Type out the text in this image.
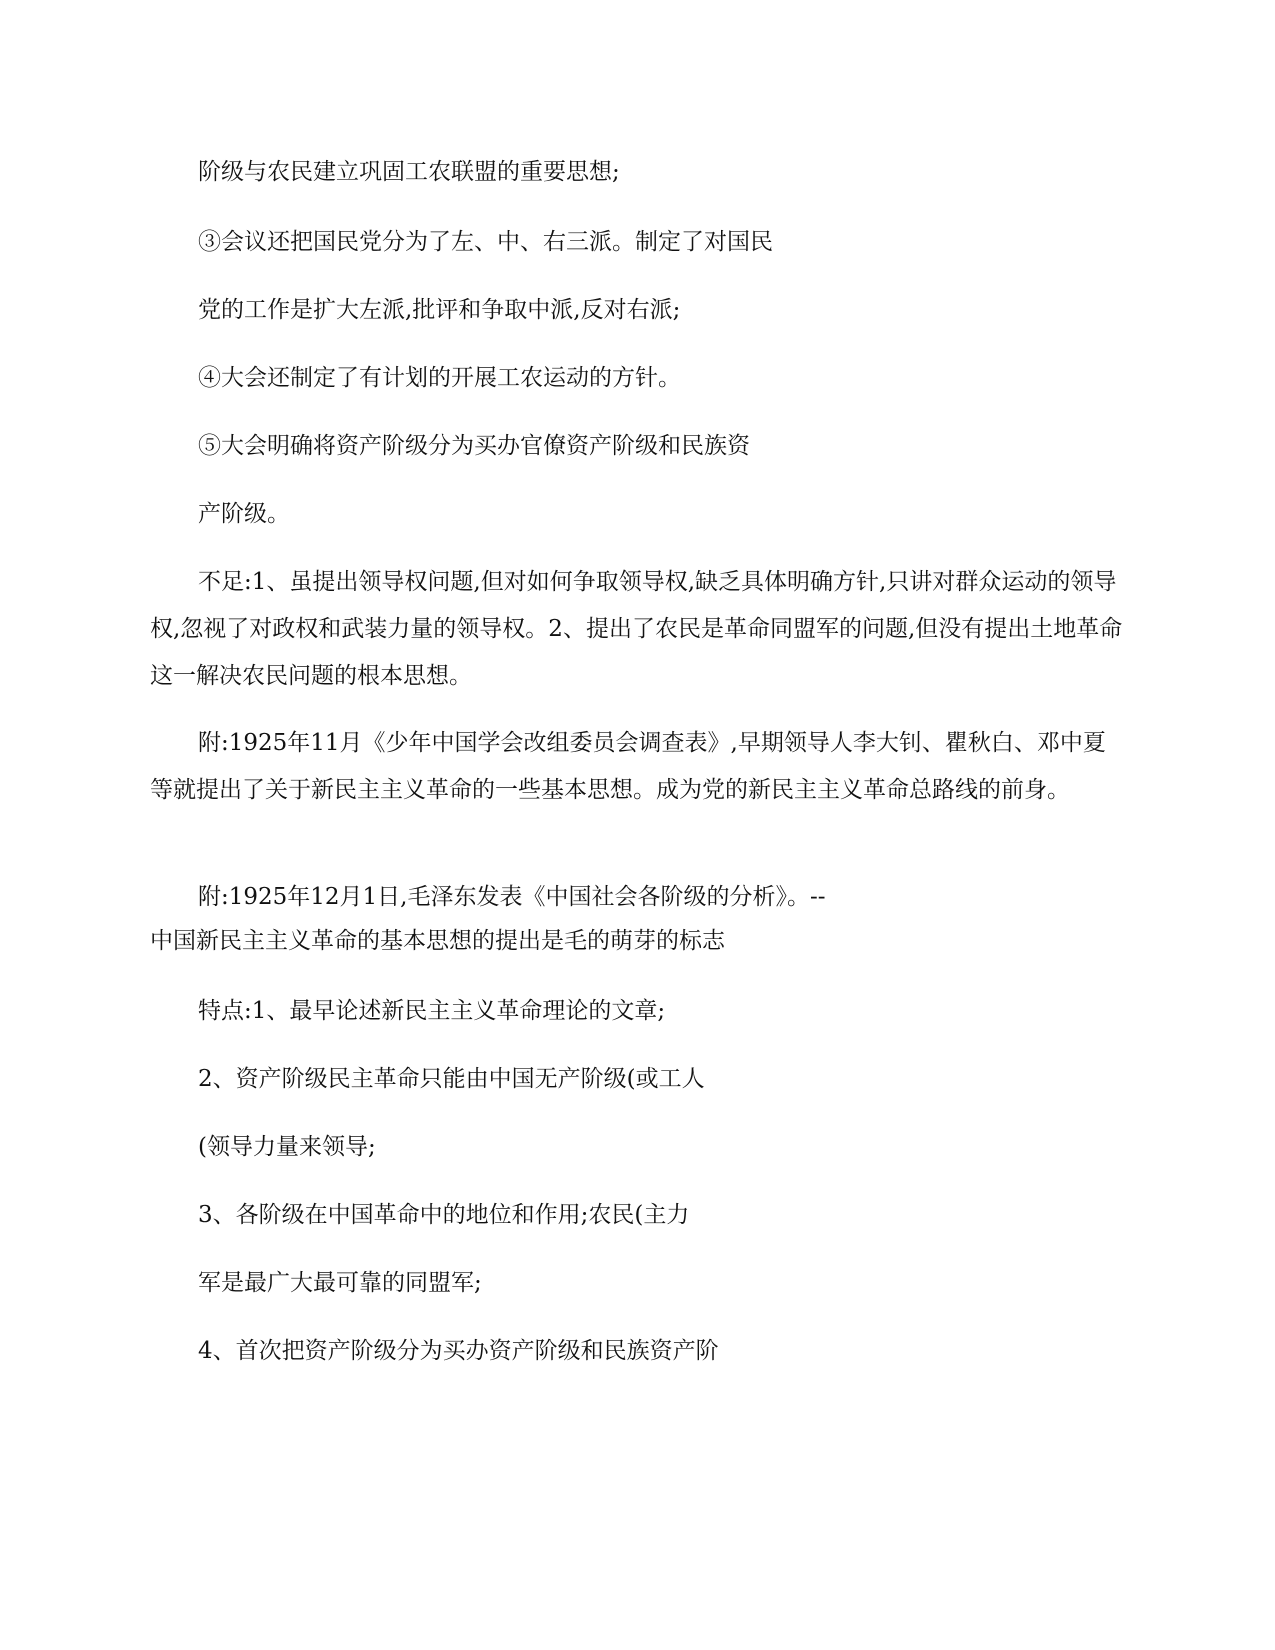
阶级与农民建立巩固工农联盟的重要思想;
③会议还把国民党分为了左、中、右三派。制定了对国民
党的工作是扩大左派,批评和争取中派,反对右派;
④大会还制定了有计划的开展工农运动的方针。
⑤大会明确将资产阶级分为买办官僚资产阶级和民族资
产阶级。
不足:1、虽提出领导权问题,但对如何争取领导权,缺乏具体明确方针,只讲对群众运动的领导权,忽视了对政权和武装力量的领导权。2、提出了农民是革命同盟军的问题,但没有提出土地革命这一解决农民问题的根本思想。
附:1925年11月《少年中国学会改组委员会调查表》,早期领导人李大钊、瞿秋白、邓中夏等就提出了关于新民主主义革命的一些基本思想。成为党的新民主主义革命总路线的前身。
附:1925年12月1日,毛泽东发表《中国社会各阶级的分析》。--
中国新民主主义革命的基本思想的提出是毛的萌芽的标志
特点:1、最早论述新民主主义革命理论的文章;
2、资产阶级民主革命只能由中国无产阶级(或工人
(领导力量来领导;
3、各阶级在中国革命中的地位和作用;农民(主力
军是最广大最可靠的同盟军;
4、首次把资产阶级分为买办资产阶级和民族资产阶
